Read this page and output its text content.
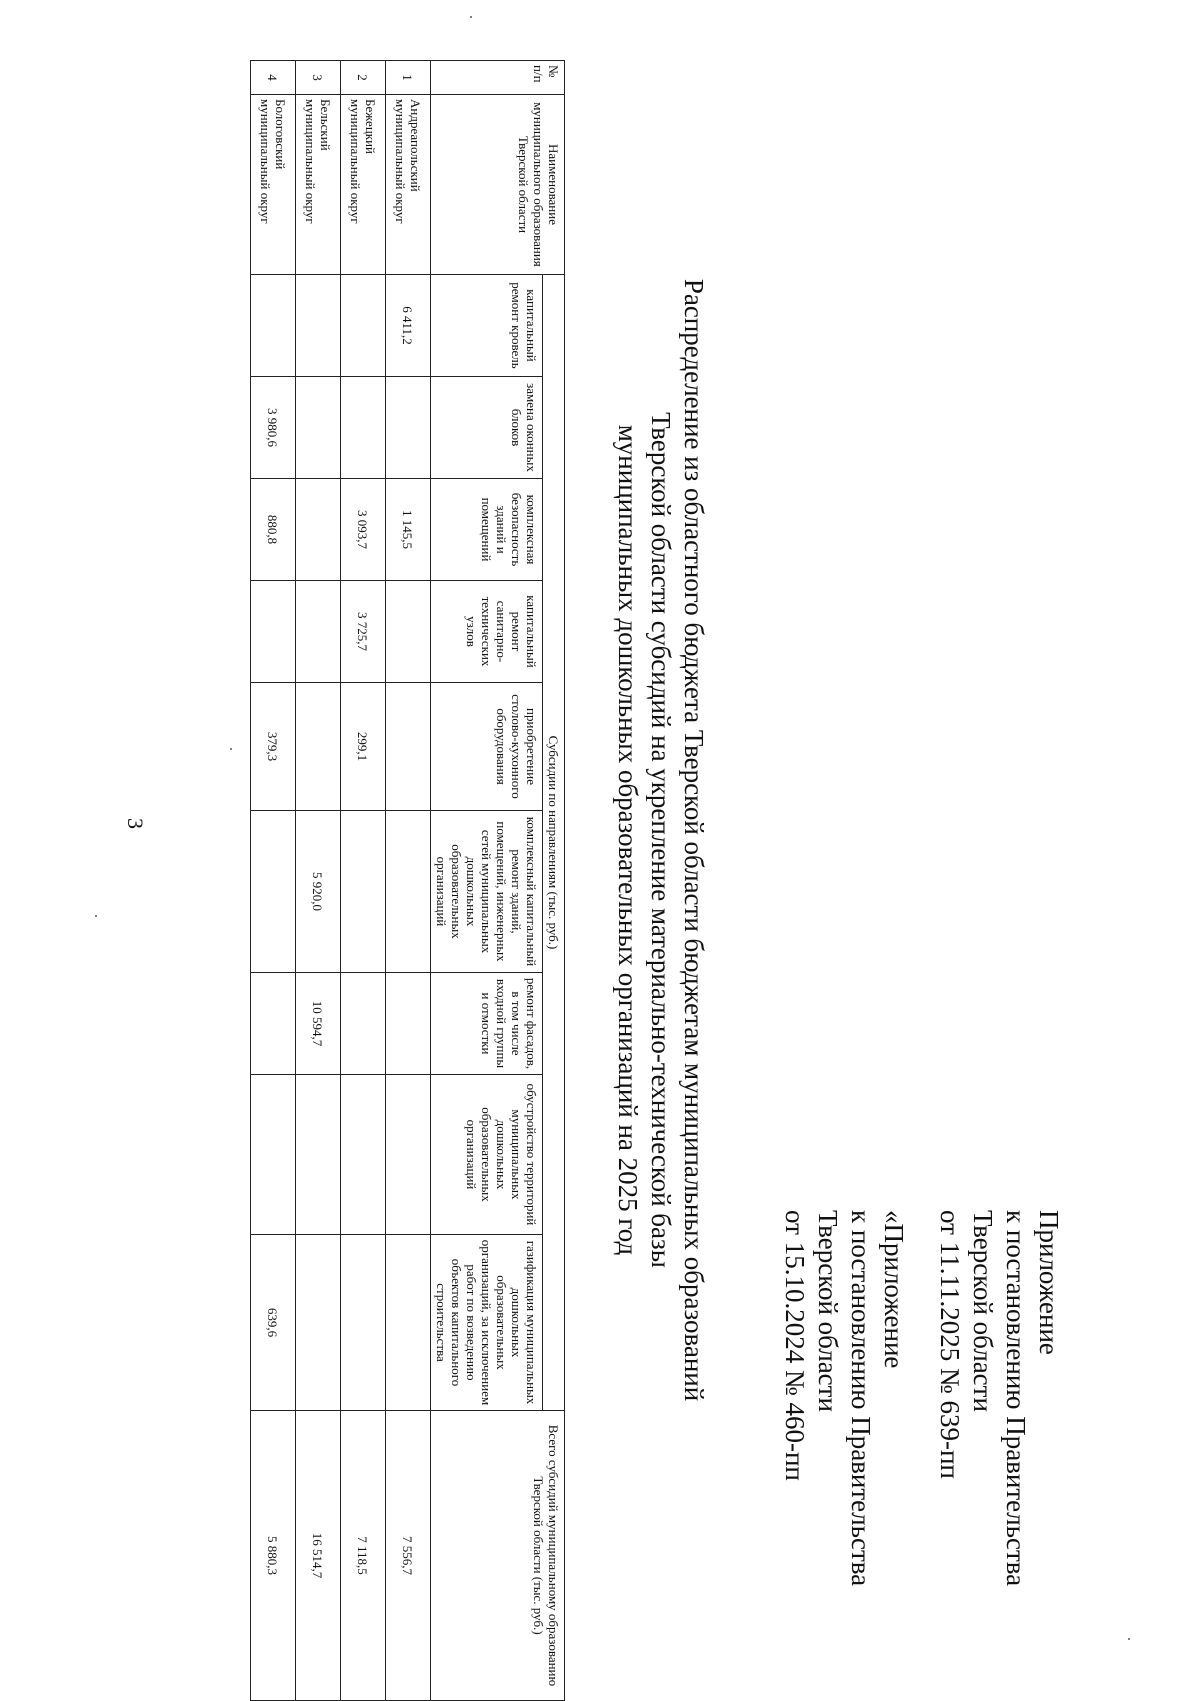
3
Приложение
к постановлению Правительства
Тверской области
от 11.11.2025 № 639-пп
«Приложение
к постановлению Правительства
Тверской области
от 15.10.2024 № 460-пп
Распределение из областного бюджета Тверской области бюджетам муниципальных образований
Тверской области субсидий на укрепление материально-технической базы
муниципальных дошкольных образовательных организаций на 2025 год
№ п/п	Наименование муниципального образования Тверской области	Субсидии по направлениям (тыс. руб.)									Всего субсидий муниципальному образованию Тверской области (тыс. руб.)
		капитальный ремонт кровель	замена оконных блоков	комплексная безопасность зданий и помещений	капитальный ремонт санитарно-технических узлов	приобретение столово-кухонного оборудования	комплексный капитальный ремонт зданий, помещений, инженерных сетей муниципальных дошкольных образовательных организаций	ремонт фасадов, в том числе входной группы и отмостки	обустройство территорий муниципальных дошкольных образовательных организаций	газификация муниципальных дошкольных образовательных организаций, за исключением работ по возведению объектов капитального строительства	
1	Андреапольский
муниципальный округ	6 411,2		1 145,5							7 556,7
2	Бежецкий
муниципальный округ			3 093,7	3 725,7	299,1					7 118,5
3	Бельский
муниципальный округ						5 920,0	10 594,7			16 514,7
4	Бологовский
муниципальный округ		3 980,6	880,8		379,3				639,6	5 880,3
